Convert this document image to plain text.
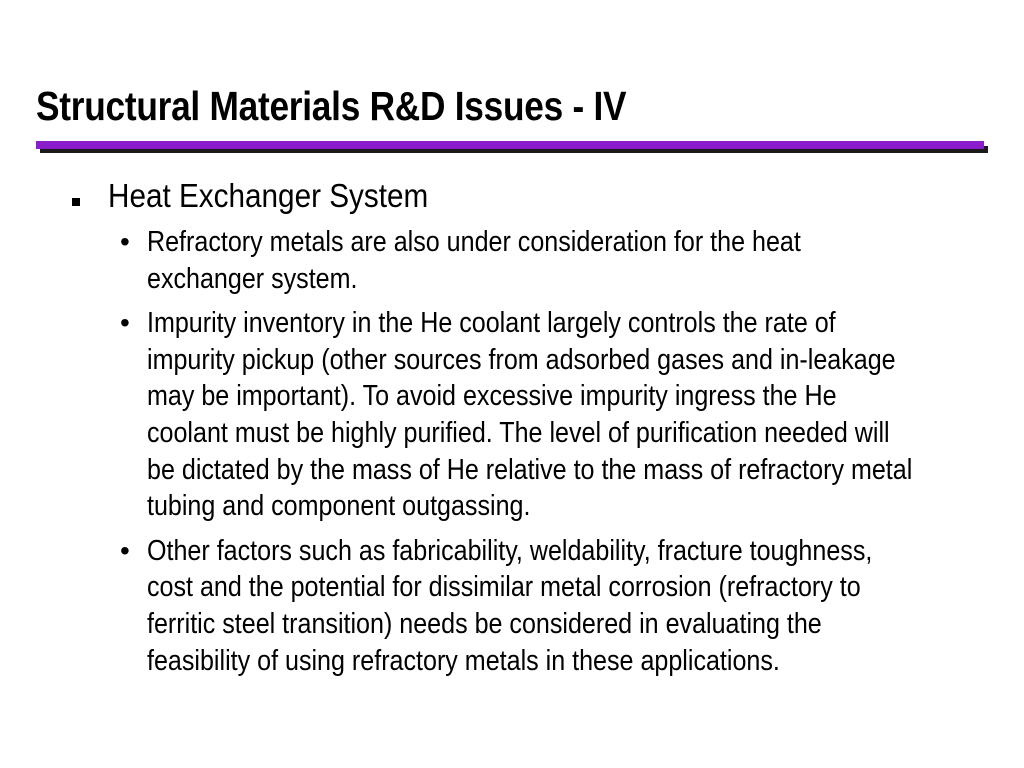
Structural Materials R&D Issues - IV
Heat Exchanger System
• Refractory metals are also under consideration for the heat exchanger system.
• Impurity inventory in the He coolant largely controls the rate of impurity pickup (other sources from adsorbed gases and in-leakage may be important). To avoid excessive impurity ingress the He coolant must be highly purified. The level of purification needed will be dictated by the mass of He relative to the mass of refractory metal tubing and component outgassing.
• Other factors such as fabricability, weldability, fracture toughness, cost and the potential for dissimilar metal corrosion (refractory to ferritic steel transition) needs be considered in evaluating the feasibility of using refractory metals in these applications.
